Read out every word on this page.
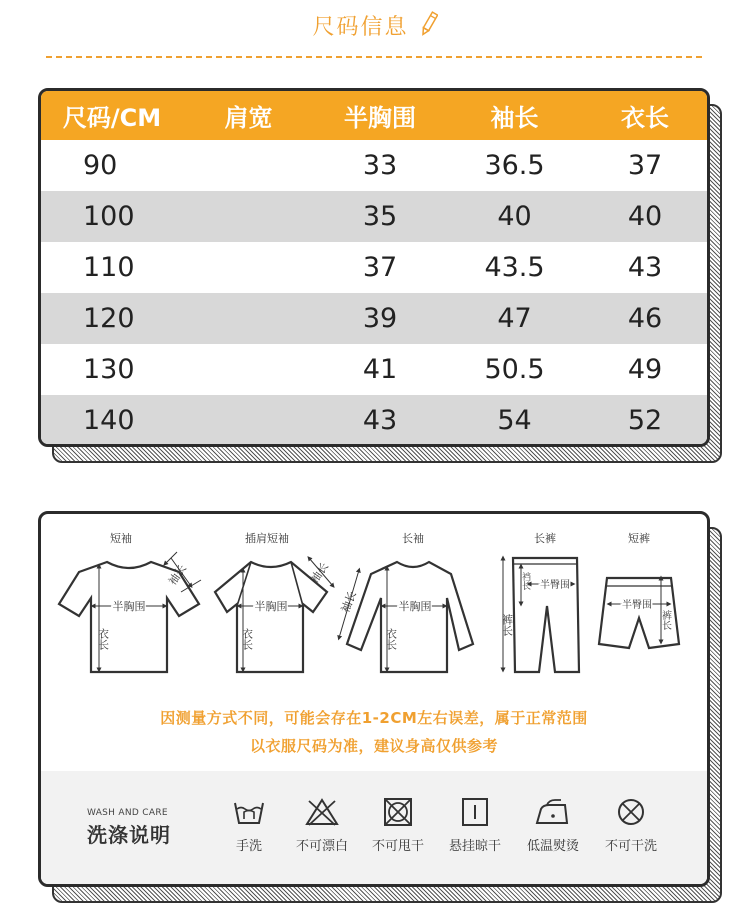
尺码信息
尺码/CM	肩宽	半胸围	袖长	衣长
90		33	36.5	37
100		35	40	40
110		37	43.5	43
120		39	47	46
130		41	50.5	49
140		43	54	52
短袖
袖长
半胸围
衣长
插肩短袖
袖长
半胸围
衣长
长袖
袖长	半胸围
衣长
长裤
裆长 半臀围
裤长
短裤
半臀围
裤长
因测量方式不同，可能会存在1-2CM左右误差，属于正常范围
以衣服尺码为准，建议身高仅供参考
WASH AND CARE
洗涤说明	手洗	不可漂白	不可甩干	悬挂晾干	低温熨烫	不可干洗
